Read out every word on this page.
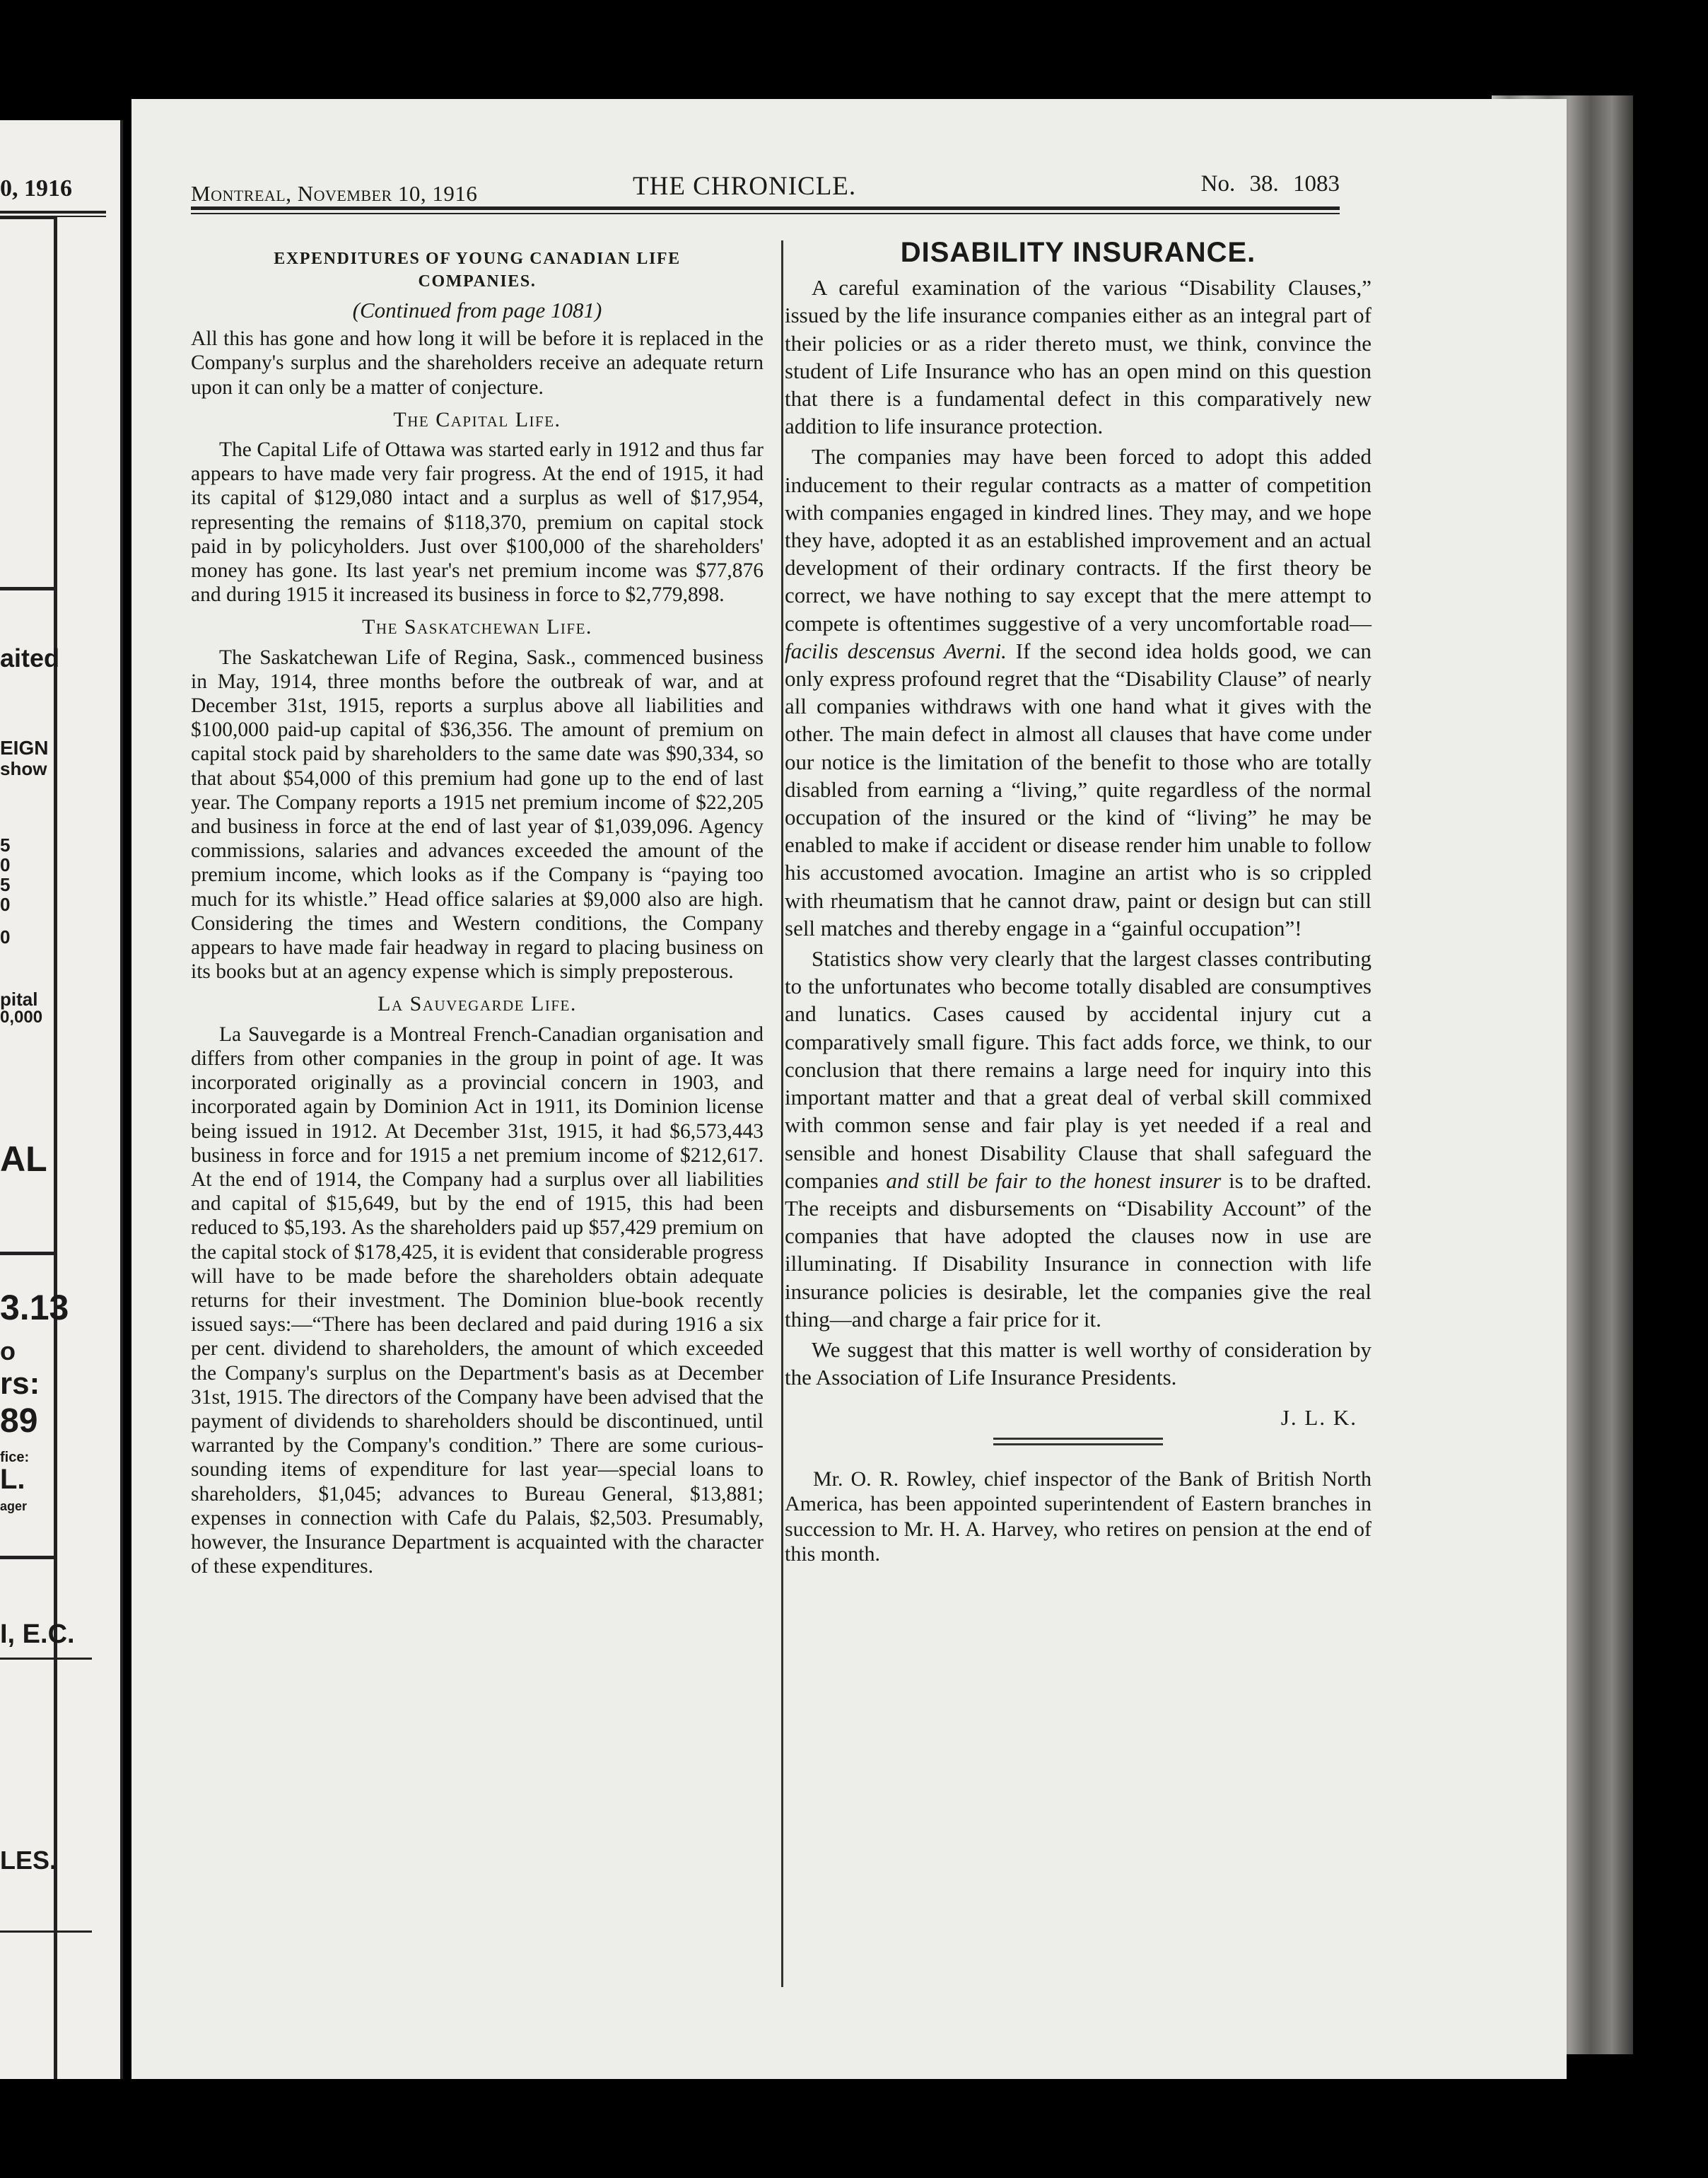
0, 1916
aited
EIGN
show
5
0
5
0
0
pital
0,000
AL
3.13
o
rs:
89
fice:
L.
ager
I, E.C.
LES.
Montreal, November 10, 1916	THE CHRONICLE.	No. 38. 1083
EXPENDITURES OF YOUNG CANADIAN LIFE
COMPANIES.
(Continued from page 1081)

All this has gone and how long it will be before it is replaced in the Company's surplus and the shareholders receive an adequate return upon it can only be a matter of conjecture.

The Capital Life.

The Capital Life of Ottawa was started early in 1912 and thus far appears to have made very fair progress. At the end of 1915, it had its capital of $129,080 intact and a surplus as well of $17,954, representing the remains of $118,370, premium on capital stock paid in by policyholders. Just over $100,000 of the shareholders' money has gone. Its last year's net premium income was $77,876 and during 1915 it increased its business in force to $2,779,898.

The Saskatchewan Life.

The Saskatchewan Life of Regina, Sask., commenced business in May, 1914, three months before the outbreak of war, and at December 31st, 1915, reports a surplus above all liabilities and $100,000 paid-up capital of $36,356. The amount of premium on capital stock paid by shareholders to the same date was $90,334, so that about $54,000 of this premium had gone up to the end of last year. The Company reports a 1915 net premium income of $22,205 and business in force at the end of last year of $1,039,096. Agency commissions, salaries and advances exceeded the amount of the premium income, which looks as if the Company is “paying too much for its whistle.” Head office salaries at $9,000 also are high. Considering the times and Western conditions, the Company appears to have made fair headway in regard to placing business on its books but at an agency expense which is simply preposterous.

La Sauvegarde Life.

La Sauvegarde is a Montreal French-Canadian organisation and differs from other companies in the group in point of age. It was incorporated originally as a provincial concern in 1903, and incorporated again by Dominion Act in 1911, its Dominion license being issued in 1912. At December 31st, 1915, it had $6,573,443 business in force and for 1915 a net premium income of $212,617. At the end of 1914, the Company had a surplus over all liabilities and capital of $15,649, but by the end of 1915, this had been reduced to $5,193. As the shareholders paid up $57,429 premium on the capital stock of $178,425, it is evident that considerable progress will have to be made before the shareholders obtain adequate returns for their investment. The Dominion blue-book recently issued says:—“There has been declared and paid during 1916 a six per cent. dividend to shareholders, the amount of which exceeded the Company's surplus on the Department's basis as at December 31st, 1915. The directors of the Company have been advised that the payment of dividends to shareholders should be discontinued, until warranted by the Company's condition.” There are some curious-sounding items of expenditure for last year—special loans to shareholders, $1,045; advances to Bureau General, $13,881; expenses in connection with Cafe du Palais, $2,503. Presumably, however, the Insurance Department is acquainted with the character of these expenditures.

DISABILITY INSURANCE.

A careful examination of the various “Disability Clauses,” issued by the life insurance companies either as an integral part of their policies or as a rider thereto must, we think, convince the student of Life Insurance who has an open mind on this question that there is a fundamental defect in this comparatively new addition to life insurance protection.

The companies may have been forced to adopt this added inducement to their regular contracts as a matter of competition with companies engaged in kindred lines. They may, and we hope they have, adopted it as an established improvement and an actual development of their ordinary contracts. If the first theory be correct, we have nothing to say except that the mere attempt to compete is oftentimes suggestive of a very uncomfortable road—facilis descensus Averni. If the second idea holds good, we can only express profound regret that the “Disability Clause” of nearly all companies withdraws with one hand what it gives with the other. The main defect in almost all clauses that have come under our notice is the limitation of the benefit to those who are totally disabled from earning a “living,” quite regardless of the normal occupation of the insured or the kind of “living” he may be enabled to make if accident or disease render him unable to follow his accustomed avocation. Imagine an artist who is so crippled with rheumatism that he cannot draw, paint or design but can still sell matches and thereby engage in a “gainful occupation”!

Statistics show very clearly that the largest classes contributing to the unfortunates who become totally disabled are consumptives and lunatics. Cases caused by accidental injury cut a comparatively small figure. This fact adds force, we think, to our conclusion that there remains a large need for inquiry into this important matter and that a great deal of verbal skill commixed with common sense and fair play is yet needed if a real and sensible and honest Disability Clause that shall safeguard the companies and still be fair to the honest insurer is to be drafted. The receipts and disbursements on “Disability Account” of the companies that have adopted the clauses now in use are illuminating. If Disability Insurance in connection with life insurance policies is desirable, let the companies give the real thing—and charge a fair price for it.

We suggest that this matter is well worthy of consideration by the Association of Life Insurance Presidents.

J. L. K.

Mr. O. R. Rowley, chief inspector of the Bank of British North America, has been appointed superintendent of Eastern branches in succession to Mr. H. A. Harvey, who retires on pension at the end of this month.
